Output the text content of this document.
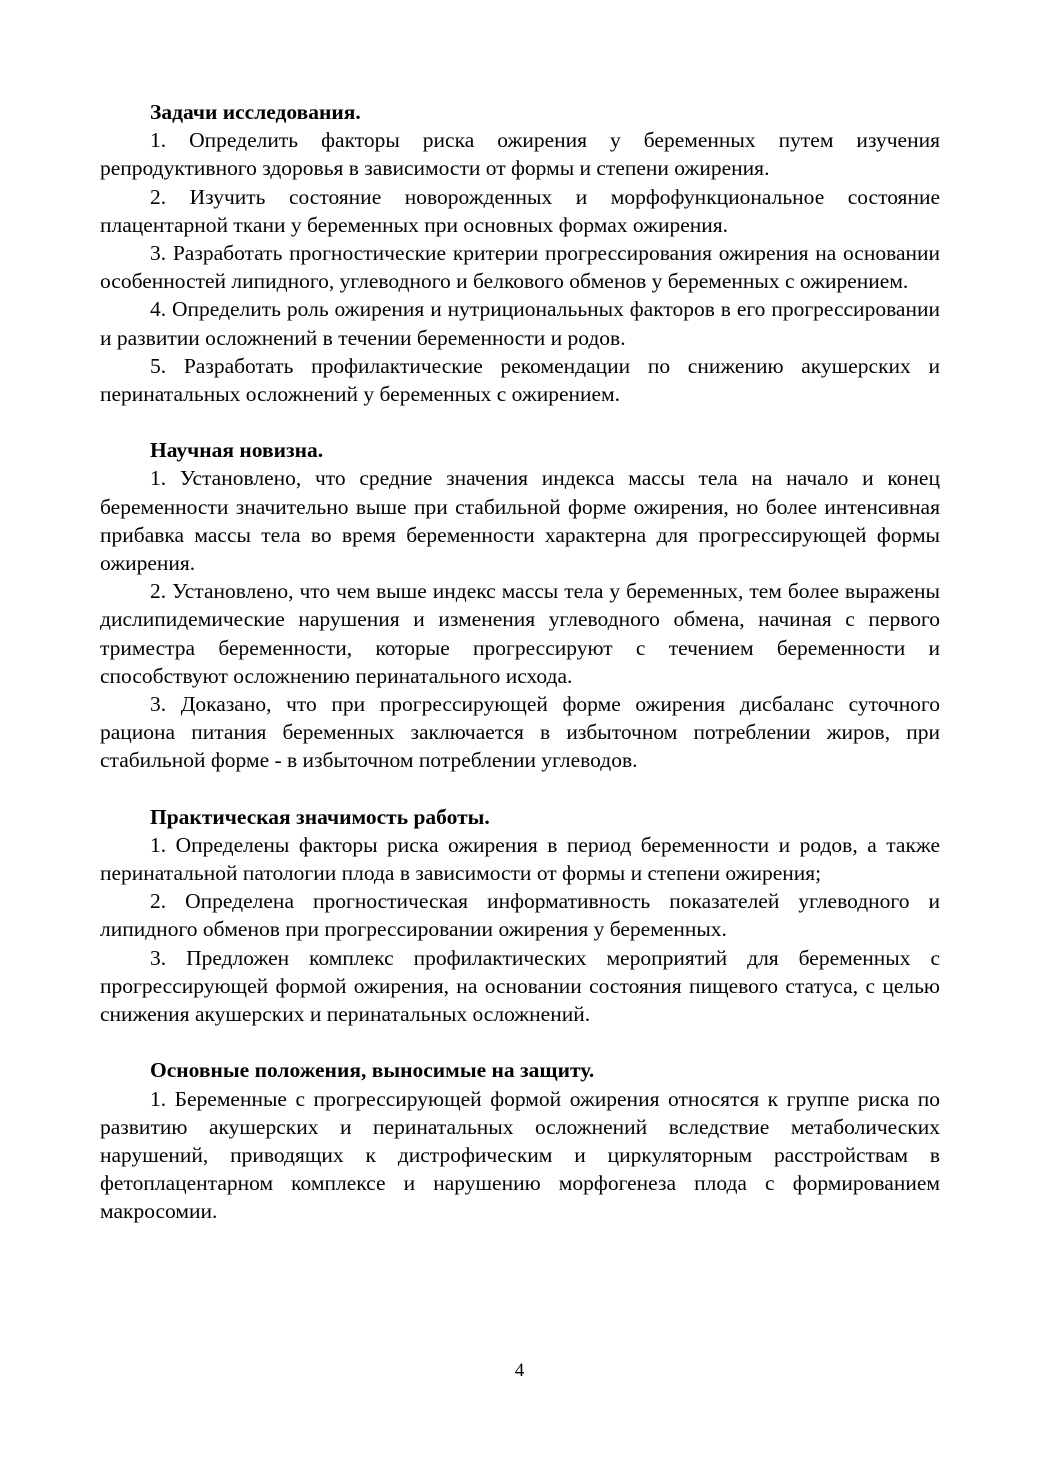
Задачи исследования.

1. Определить факторы риска ожирения у беременных путем изучения репродуктивного здоровья в зависимости от формы и степени ожирения.

2. Изучить состояние новорожденных и морфофункциональное состояние плацентарной ткани у беременных при основных формах ожирения.

3. Разработать прогностические критерии прогрессирования ожирения на основании особенностей липидного, углеводного и белкового обменов у беременных с ожирением.

4. Определить роль ожирения и нутрициональьных факторов в его прогрессировании и развитии осложнений в течении беременности и родов.

5. Разработать профилактические рекомендации по снижению акушерских и перинатальных осложнений у беременных с ожирением.

Научная новизна.

1. Установлено, что средние значения индекса массы тела на начало и конец беременности значительно выше при стабильной форме ожирения, но более интенсивная прибавка массы тела во время беременности характерна для прогрессирующей формы ожирения.

2. Установлено, что чем выше индекс массы тела у беременных, тем более выражены дислипидемические нарушения и изменения углеводного обмена, начиная с первого триместра беременности, которые прогрессируют с течением беременности и способствуют осложнению перинатального исхода.

3. Доказано, что при прогрессирующей форме ожирения дисбаланс суточного рациона питания беременных заключается в избыточном потреблении жиров, при стабильной форме - в избыточном потреблении углеводов.

Практическая значимость работы.

1. Определены факторы риска ожирения в период беременности и родов, а также перинатальной патологии плода в зависимости от формы и степени ожирения;

2. Определена прогностическая информативность показателей углеводного и липидного обменов при прогрессировании ожирения у беременных.

3. Предложен комплекс профилактических мероприятий для беременных с прогрессирующей формой ожирения, на основании состояния пищевого статуса, с целью снижения акушерских и перинатальных осложнений.

Основные положения, выносимые на защиту.

1. Беременные с прогрессирующей формой ожирения относятся к группе риска по развитию акушерских и перинатальных осложнений вследствие метаболических нарушений, приводящих к дистрофическим и циркуляторным расстройствам в фетоплацентарном комплексе и нарушению морфогенеза плода с формированием макросомии.

4
